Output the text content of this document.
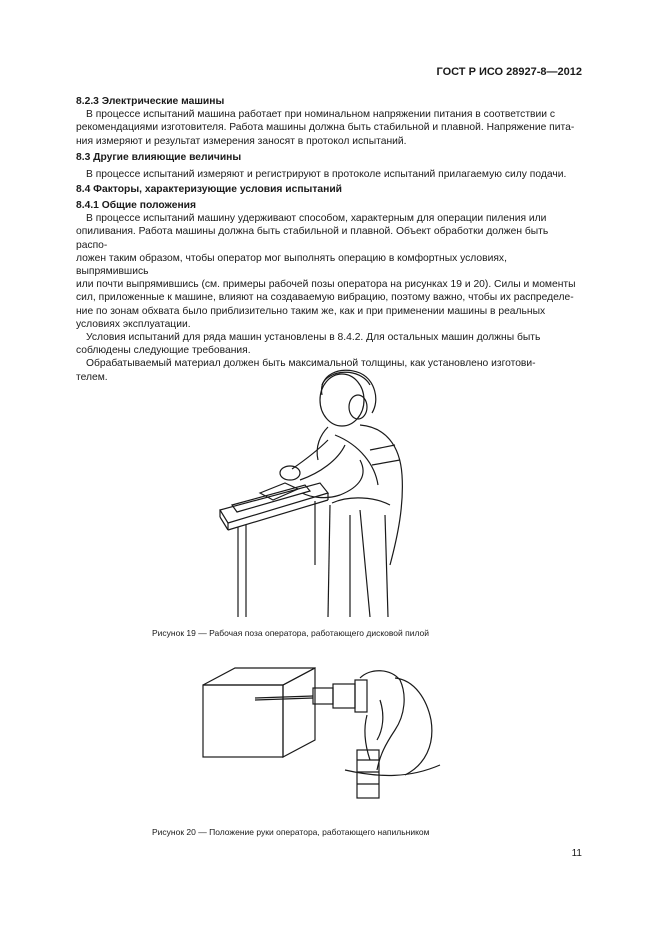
ГОСТ Р ИСО 28927-8—2012

8.2.3 Электрические машины

В процессе испытаний машина работает при номинальном напряжении питания в соответствии с

рекомендациями изготовителя. Работа машины должна быть стабильной и плавной. Напряжение пита-

ния измеряют и результат измерения заносят в протокол испытаний.

8.3 Другие влияющие величины

В процессе испытаний измеряют и регистрируют в протоколе испытаний прилагаемую силу подачи.

8.4 Факторы, характеризующие условия испытаний

8.4.1 Общие положения

В процессе испытаний машину удерживают способом, характерным для операции пиления или

опиливания. Работа машины должна быть стабильной и плавной. Объект обработки должен быть распо-

ложен таким образом, чтобы оператор мог выполнять операцию в комфортных условиях, выпрямившись

или почти выпрямившись (см. примеры рабочей позы оператора на рисунках 19 и 20). Силы и моменты

сил, приложенные к машине, влияют на создаваемую вибрацию, поэтому важно, чтобы их распределе-

ние по зонам обхвата было приблизительно таким же, как и при применении машины в реальных

условиях эксплуатации.

Условия испытаний для ряда машин установлены в 8.4.2. Для остальных машин должны быть

соблюдены следующие требования.

Обрабатываемый материал должен быть максимальной толщины, как установлено изготови-

телем.

Рисунок 19 — Рабочая поза оператора, работающего дисковой пилой
Рисунок 20 — Положение руки оператора, работающего напильником
11
